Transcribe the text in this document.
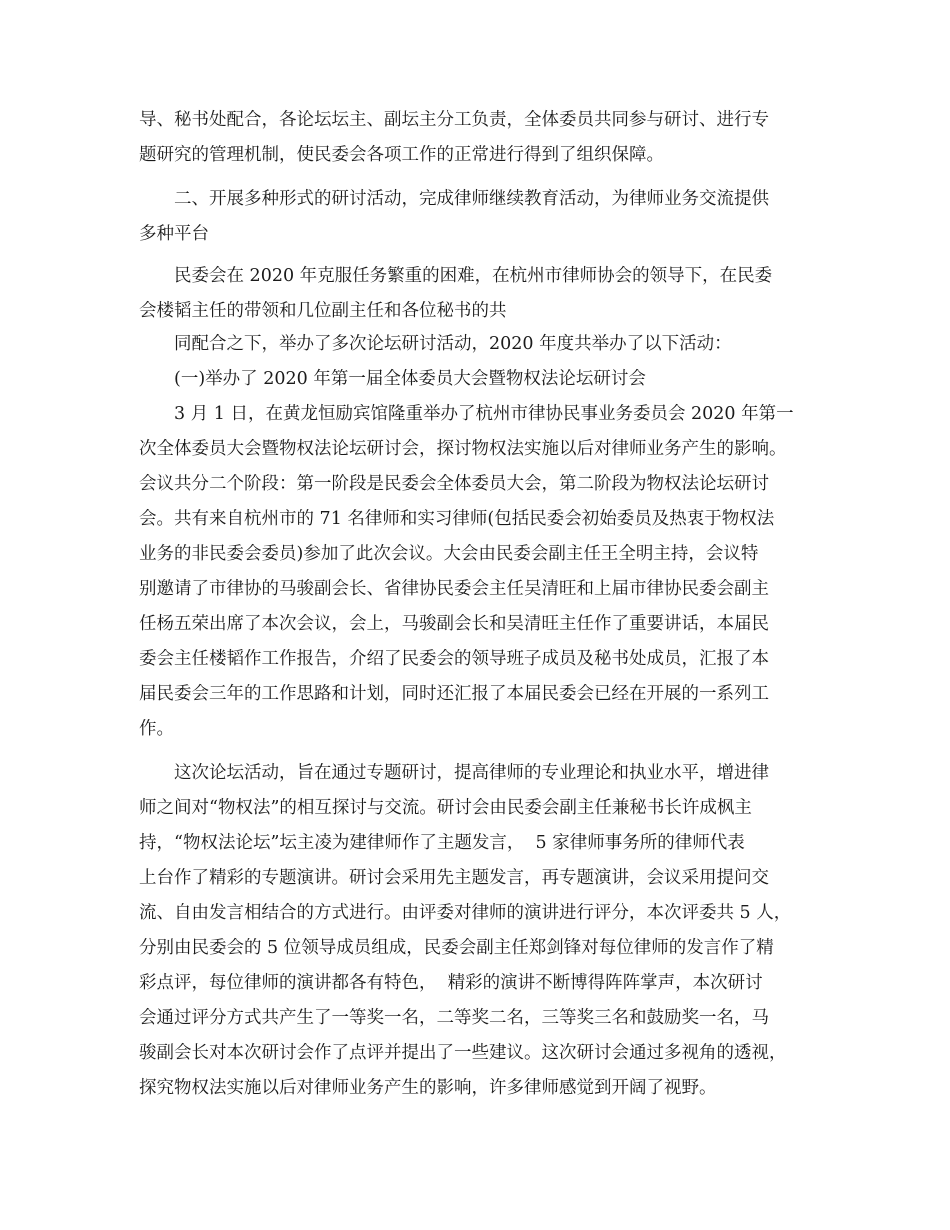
导、秘书处配合，各论坛坛主、副坛主分工负责，全体委员共同参与研讨、进行专
题研究的管理机制，使民委会各项工作的正常进行得到了组织保障。
二、开展多种形式的研讨活动，完成律师继续教育活动，为律师业务交流提供
多种平台
民委会在 2020 年克服任务繁重的困难，在杭州市律师协会的领导下，在民委
会楼韬主任的带领和几位副主任和各位秘书的共
同配合之下，举办了多次论坛研讨活动，2020 年度共举办了以下活动：
(一)举办了 2020 年第一届全体委员大会暨物权法论坛研讨会
3 月 1 日，在黄龙恒励宾馆隆重举办了杭州市律协民事业务委员会 2020 年第一
次全体委员大会暨物权法论坛研讨会，探讨物权法实施以后对律师业务产生的影响。
会议共分二个阶段：第一阶段是民委会全体委员大会，第二阶段为物权法论坛研讨
会。共有来自杭州市的 71 名律师和实习律师(包括民委会初始委员及热衷于物权法
业务的非民委会委员)参加了此次会议。大会由民委会副主任王全明主持，会议特
别邀请了市律协的马骏副会长、省律协民委会主任吴清旺和上届市律协民委会副主
任杨五荣出席了本次会议，会上，马骏副会长和吴清旺主任作了重要讲话，本届民
委会主任楼韬作工作报告，介绍了民委会的领导班子成员及秘书处成员，汇报了本
届民委会三年的工作思路和计划，同时还汇报了本届民委会已经在开展的一系列工
作。
这次论坛活动，旨在通过专题研讨，提高律师的专业理论和执业水平，增进律
师之间对“物权法”的相互探讨与交流。研讨会由民委会副主任兼秘书长许成枫主
持，“物权法论坛”坛主凌为建律师作了主题发言，  5 家律师事务所的律师代表
上台作了精彩的专题演讲。研讨会采用先主题发言，再专题演讲，会议采用提问交
流、自由发言相结合的方式进行。由评委对律师的演讲进行评分，本次评委共 5 人，
分别由民委会的 5 位领导成员组成，民委会副主任郑剑锋对每位律师的发言作了精
彩点评，每位律师的演讲都各有特色，  精彩的演讲不断博得阵阵掌声，本次研讨
会通过评分方式共产生了一等奖一名，二等奖二名，三等奖三名和鼓励奖一名，马
骏副会长对本次研讨会作了点评并提出了一些建议。这次研讨会通过多视角的透视，
探究物权法实施以后对律师业务产生的影响，许多律师感觉到开阔了视野。
